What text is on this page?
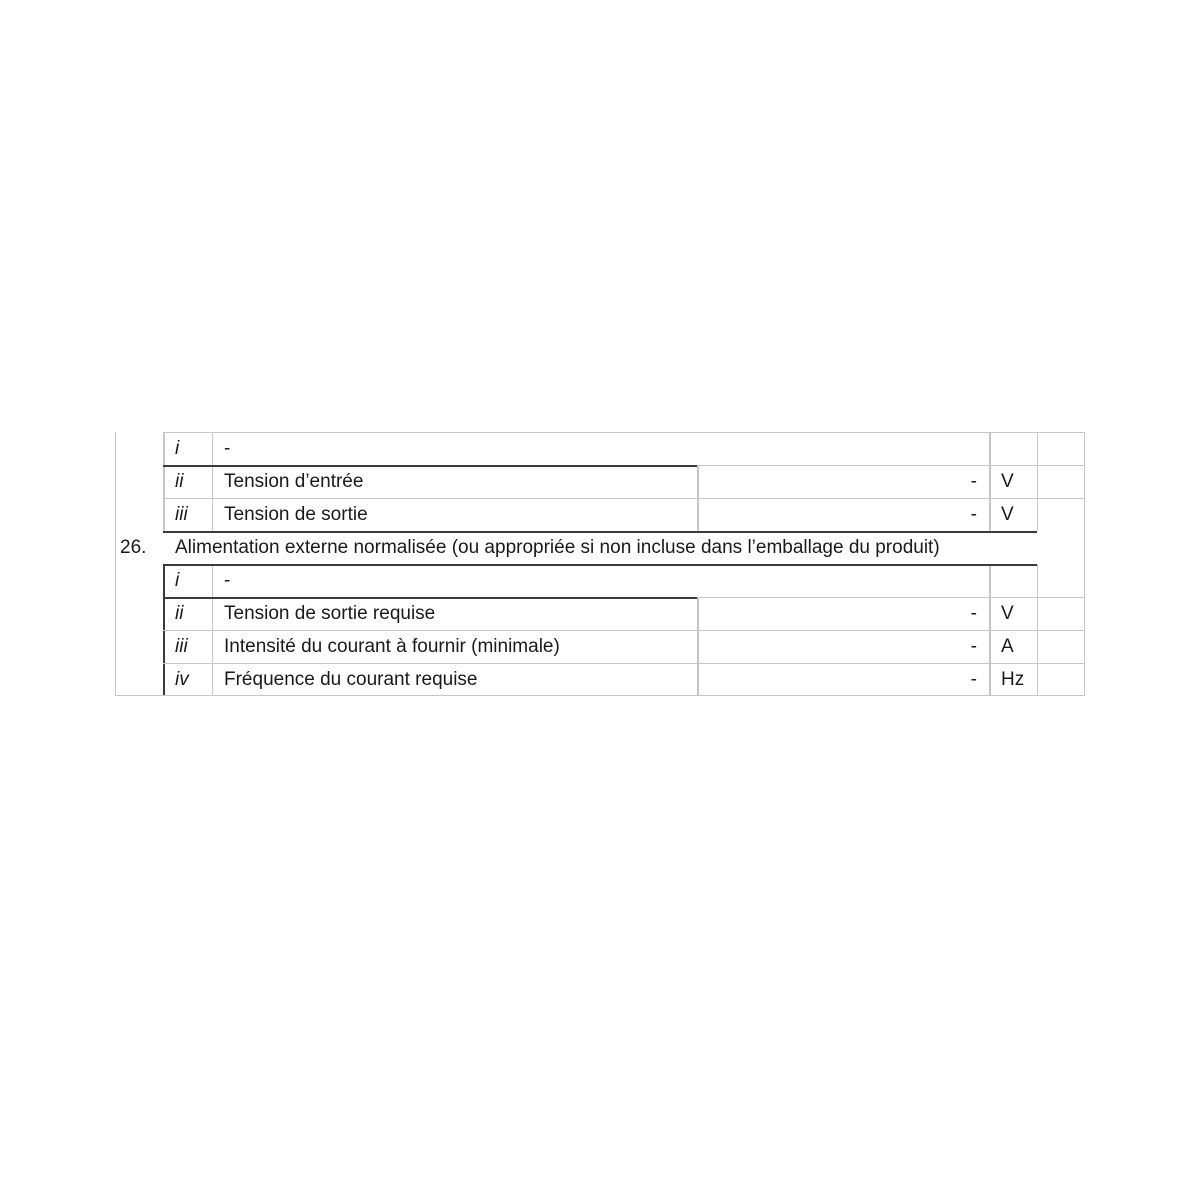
i	-
ii	Tension d’entrée	-	V
iii	Tension de sortie	-	V
26.	Alimentation externe normalisée (ou appropriée si non incluse dans l’emballage du produit)
i	-
ii	Tension de sortie requise	-	V
iii	Intensité du courant à fournir (minimale)	-	A
iv	Fréquence du courant requise	-	Hz
